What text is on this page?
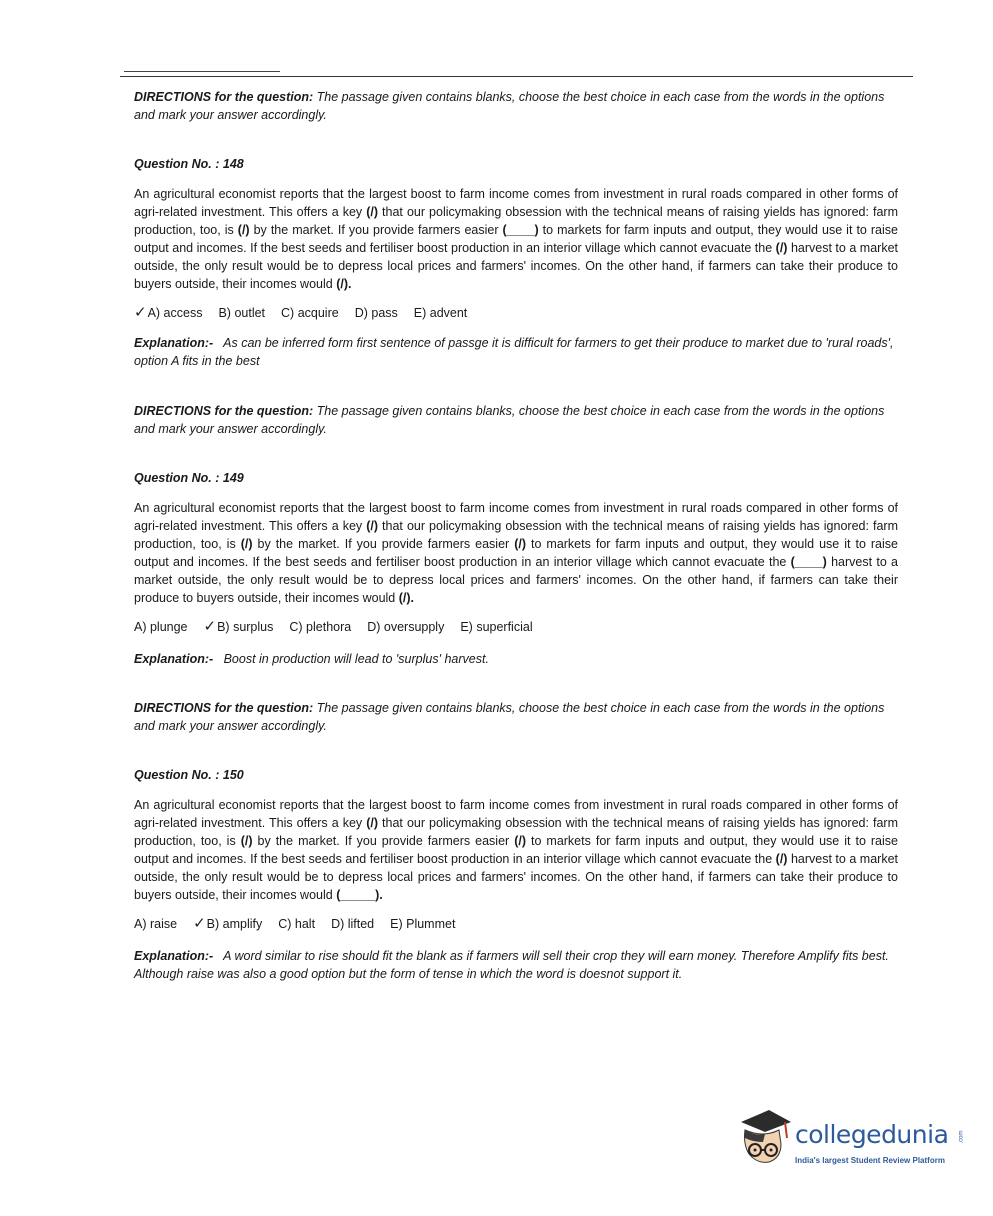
DIRECTIONS for the question: The passage given contains blanks, choose the best choice in each case from the words in the options and mark your answer accordingly.

Question No. : 148

An agricultural economist reports that the largest boost to farm income comes from investment in rural roads compared in other forms of agri-related investment. This offers a key (/) that our policymaking obsession with the technical means of raising yields has ignored: farm production, too, is (/) by the market. If you provide farmers easier (____) to markets for farm inputs and output, they would use it to raise output and incomes. If the best seeds and fertiliser boost production in an interior village which cannot evacuate the (/) harvest to a market outside, the only result would be to depress local prices and farmers' incomes. On the other hand, if farmers can take their produce to buyers outside, their incomes would (/).

✓A) access B) outlet C) acquire D) pass E) advent

Explanation:- As can be inferred form first sentence of passge it is difficult for farmers to get their produce to market due to 'rural roads', option A fits in the best

DIRECTIONS for the question: The passage given contains blanks, choose the best choice in each case from the words in the options and mark your answer accordingly.

Question No. : 149

An agricultural economist reports that the largest boost to farm income comes from investment in rural roads compared in other forms of agri-related investment. This offers a key (/) that our policymaking obsession with the technical means of raising yields has ignored: farm production, too, is (/) by the market. If you provide farmers easier (/) to markets for farm inputs and output, they would use it to raise output and incomes. If the best seeds and fertiliser boost production in an interior village which cannot evacuate the (____) harvest to a market outside, the only result would be to depress local prices and farmers' incomes. On the other hand, if farmers can take their produce to buyers outside, their incomes would (/).

A) plunge ✓B) surplus C) plethora D) oversupply E) superficial

Explanation:- Boost in production will lead to 'surplus' harvest.

DIRECTIONS for the question: The passage given contains blanks, choose the best choice in each case from the words in the options and mark your answer accordingly.

Question No. : 150

An agricultural economist reports that the largest boost to farm income comes from investment in rural roads compared in other forms of agri-related investment. This offers a key (/) that our policymaking obsession with the technical means of raising yields has ignored: farm production, too, is (/) by the market. If you provide farmers easier (/) to markets for farm inputs and output, they would use it to raise output and incomes. If the best seeds and fertiliser boost production in an interior village which cannot evacuate the (/) harvest to a market outside, the only result would be to depress local prices and farmers' incomes. On the other hand, if farmers can take their produce to buyers outside, their incomes would (_____).

A) raise ✓B) amplify C) halt D) lifted E) Plummet

Explanation:- A word similar to rise should fit the blank as if farmers will sell their crop they will earn money. Therefore Amplify fits best. Although raise was also a good option but the form of tense in which the word is doesnot support it.

collegedunia .com
India's largest Student Review Platform
